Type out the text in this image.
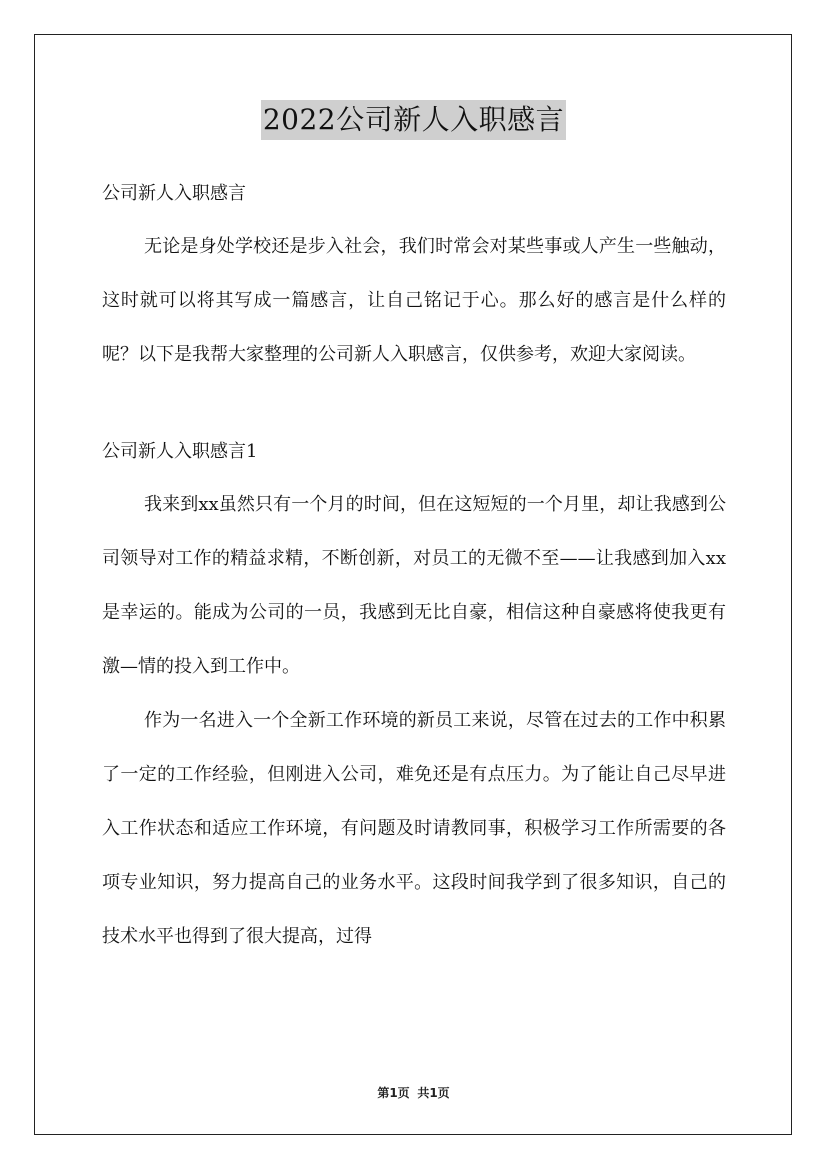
2022公司新人入职感言

公司新人入职感言

无论是身处学校还是步入社会，我们时常会对某些事或人产生一些触动，这时就可以将其写成一篇感言，让自己铭记于心。那么好的感言是什么样的呢？以下是我帮大家整理的公司新人入职感言，仅供参考，欢迎大家阅读。

公司新人入职感言1

我来到xx虽然只有一个月的时间，但在这短短的一个月里，却让我感到公司领导对工作的精益求精，不断创新，对员工的无微不至——让我感到加入xx是幸运的。能成为公司的一员，我感到无比自豪，相信这种自豪感将使我更有激—情的投入到工作中。

作为一名进入一个全新工作环境的新员工来说，尽管在过去的工作中积累了一定的工作经验，但刚进入公司，难免还是有点压力。为了能让自己尽早进入工作状态和适应工作环境，有问题及时请教同事，积极学习工作所需要的各项专业知识，努力提高自己的业务水平。这段时间我学到了很多知识，自己的技术水平也得到了很大提高，过得

第1页 共1页
